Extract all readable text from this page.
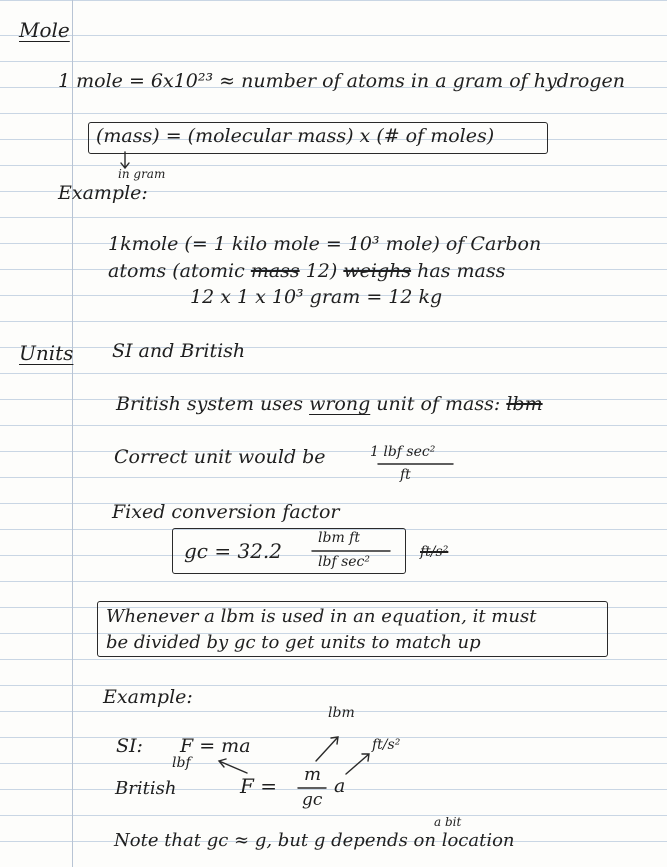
Mole
1 mole = 6x10²³ ≈ number of atoms in a gram of hydrogen
(mass) = (molecular mass) x (# of moles)
in gram
Example:
1kmole (= 1 kilo mole = 10³ mole) of Carbon
atoms (atomic mass 12) weighs has mass
12 x 1 x 10³ gram = 12 kg
Units SI and British
British system uses wrong unit of mass: lbm
Correct unit would be	1 lbf sec²
ft
Fixed conversion factor
gc = 32.2
lbm ft
lbf sec²
ft/s²
Whenever a lbm is used in an equation, it must
be divided by gc to get units to match up
Example:
lbm
SI: F = ma
lbf
British	F = m
gc
a
ft/s²
a bit
Note that gc ≈ g, but g depends on location
